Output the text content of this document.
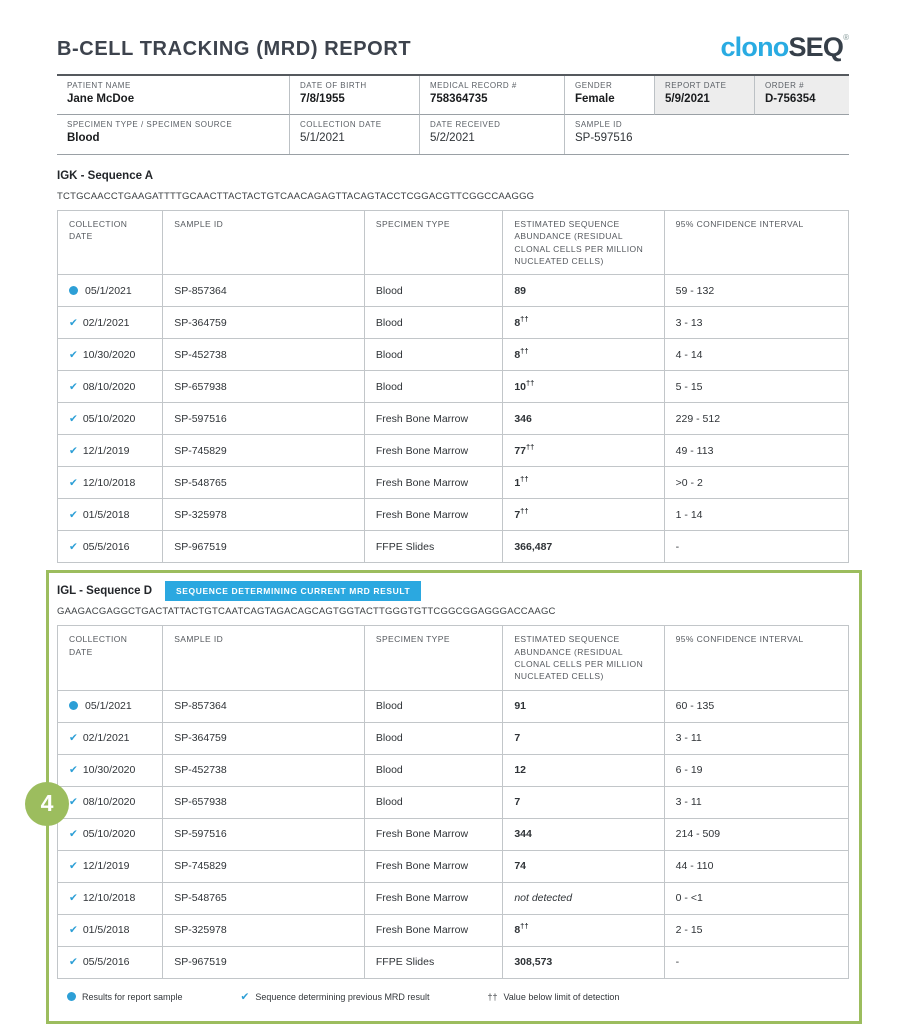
B-CELL TRACKING (MRD) REPORT	clonoSEQ®
PATIENT NAME
Jane McDoe
DATE OF BIRTH
7/8/1955
MEDICAL RECORD #
758364735
GENDER
Female
REPORT DATE
5/9/2021
ORDER #
D-756354
SPECIMEN TYPE / SPECIMEN SOURCE
Blood
COLLECTION DATE
5/1/2021
DATE RECEIVED
5/2/2021
SAMPLE ID
SP-597516
IGK - Sequence A
TCTGCAACCTGAAGATTTTGCAACTTACTACTGTCAACAGAGTTACAGTACCTCGGACGTTCGGCCAAGGG
COLLECTION DATE	SAMPLE ID	SPECIMEN TYPE	ESTIMATED SEQUENCE ABUNDANCE (RESIDUAL CLONAL CELLS PER MILLION NUCLEATED CELLS)	95% CONFIDENCE INTERVAL
05/1/2021	SP-857364	Blood	89	59 - 132
✔ 02/1/2021	SP-364759	Blood	8††	3 - 13
✔ 10/30/2020	SP-452738	Blood	8††	4 - 14
✔ 08/10/2020	SP-657938	Blood	10††	5 - 15
✔ 05/10/2020	SP-597516	Fresh Bone Marrow	346	229 - 512
✔ 12/1/2019	SP-745829	Fresh Bone Marrow	77††	49 - 113
✔ 12/10/2018	SP-548765	Fresh Bone Marrow	1††	>0 - 2
✔ 01/5/2018	SP-325978	Fresh Bone Marrow	7††	1 - 14
✔ 05/5/2016	SP-967519	FFPE Slides	366,487	-
4
IGL - Sequence D	SEQUENCE DETERMINING CURRENT MRD RESULT
GAAGACGAGGCTGACTATTACTGTCAATCAGTAGACAGCAGTGGTACTTGGGTGTTCGGCGGAGGGACCAAGC
COLLECTION DATE	SAMPLE ID	SPECIMEN TYPE	ESTIMATED SEQUENCE ABUNDANCE (RESIDUAL CLONAL CELLS PER MILLION NUCLEATED CELLS)	95% CONFIDENCE INTERVAL
05/1/2021	SP-857364	Blood	91	60 - 135
✔ 02/1/2021	SP-364759	Blood	7	3 - 11
✔ 10/30/2020	SP-452738	Blood	12	6 - 19
✔ 08/10/2020	SP-657938	Blood	7	3 - 11
✔ 05/10/2020	SP-597516	Fresh Bone Marrow	344	214 - 509
✔ 12/1/2019	SP-745829	Fresh Bone Marrow	74	44 - 110
✔ 12/10/2018	SP-548765	Fresh Bone Marrow	not detected	0 - <1
✔ 01/5/2018	SP-325978	Fresh Bone Marrow	8††	2 - 15
✔ 05/5/2016	SP-967519	FFPE Slides	308,573	-
Results for report sample	✔ Sequence determining previous MRD result	†† Value below limit of detection
